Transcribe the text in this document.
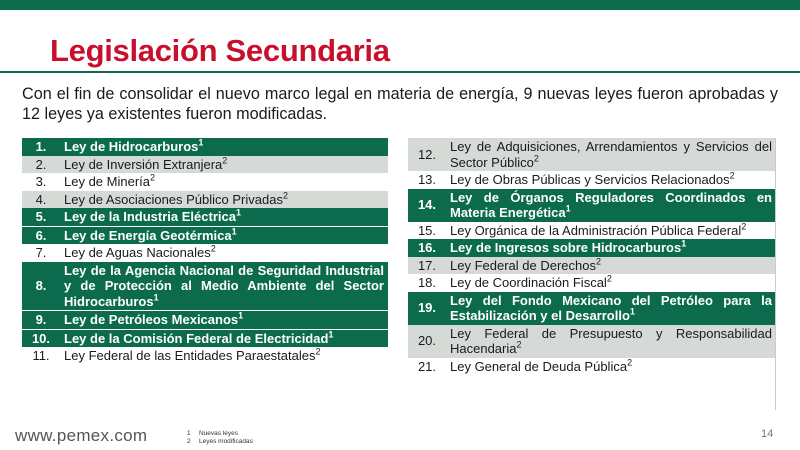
Legislación Secundaria
Con el fin de consolidar el nuevo marco legal en materia de energía, 9 nuevas leyes fueron aprobadas y 12 leyes ya existentes fueron modificadas.
1.	Ley de Hidrocarburos$^1$
2.	Ley de Inversión Extranjera$^2$
3.	Ley de Minería$^2$
4.	Ley de Asociaciones Público Privadas$^2$
5.	Ley de la Industria Eléctrica$^1$
6.	Ley de Energía Geotérmica$^1$
7.	Ley de Aguas Nacionales$^2$
8.	Ley de la Agencia Nacional de Seguridad Industrial y de Protección al Medio Ambiente del Sector Hidrocarburos$^1$
9.	Ley de Petróleos Mexicanos$^1$
10.	Ley de la Comisión Federal de Electricidad$^1$
11.	Ley Federal de las Entidades Paraestatales$^2$
12.	Ley de Adquisiciones, Arrendamientos y Servicios del Sector Público$^2$
13.	Ley de Obras Públicas y Servicios Relacionados$^2$
14.	Ley de Órganos Reguladores Coordinados en Materia Energética$^1$
15.	Ley Orgánica de la Administración Pública Federal$^2$
16.	Ley de Ingresos sobre Hidrocarburos$^1$
17.	Ley Federal de Derechos$^2$
18.	Ley de Coordinación Fiscal$^2$
19.	Ley del Fondo Mexicano del Petróleo para la Estabilización y el Desarrollo$^1$
20.	Ley Federal de Presupuesto y Responsabilidad Hacendaria$^2$
21.	Ley General de Deuda Pública$^2$
www.pemex.com	1 Nuevas leyes
2 Leyes modificadas
14
